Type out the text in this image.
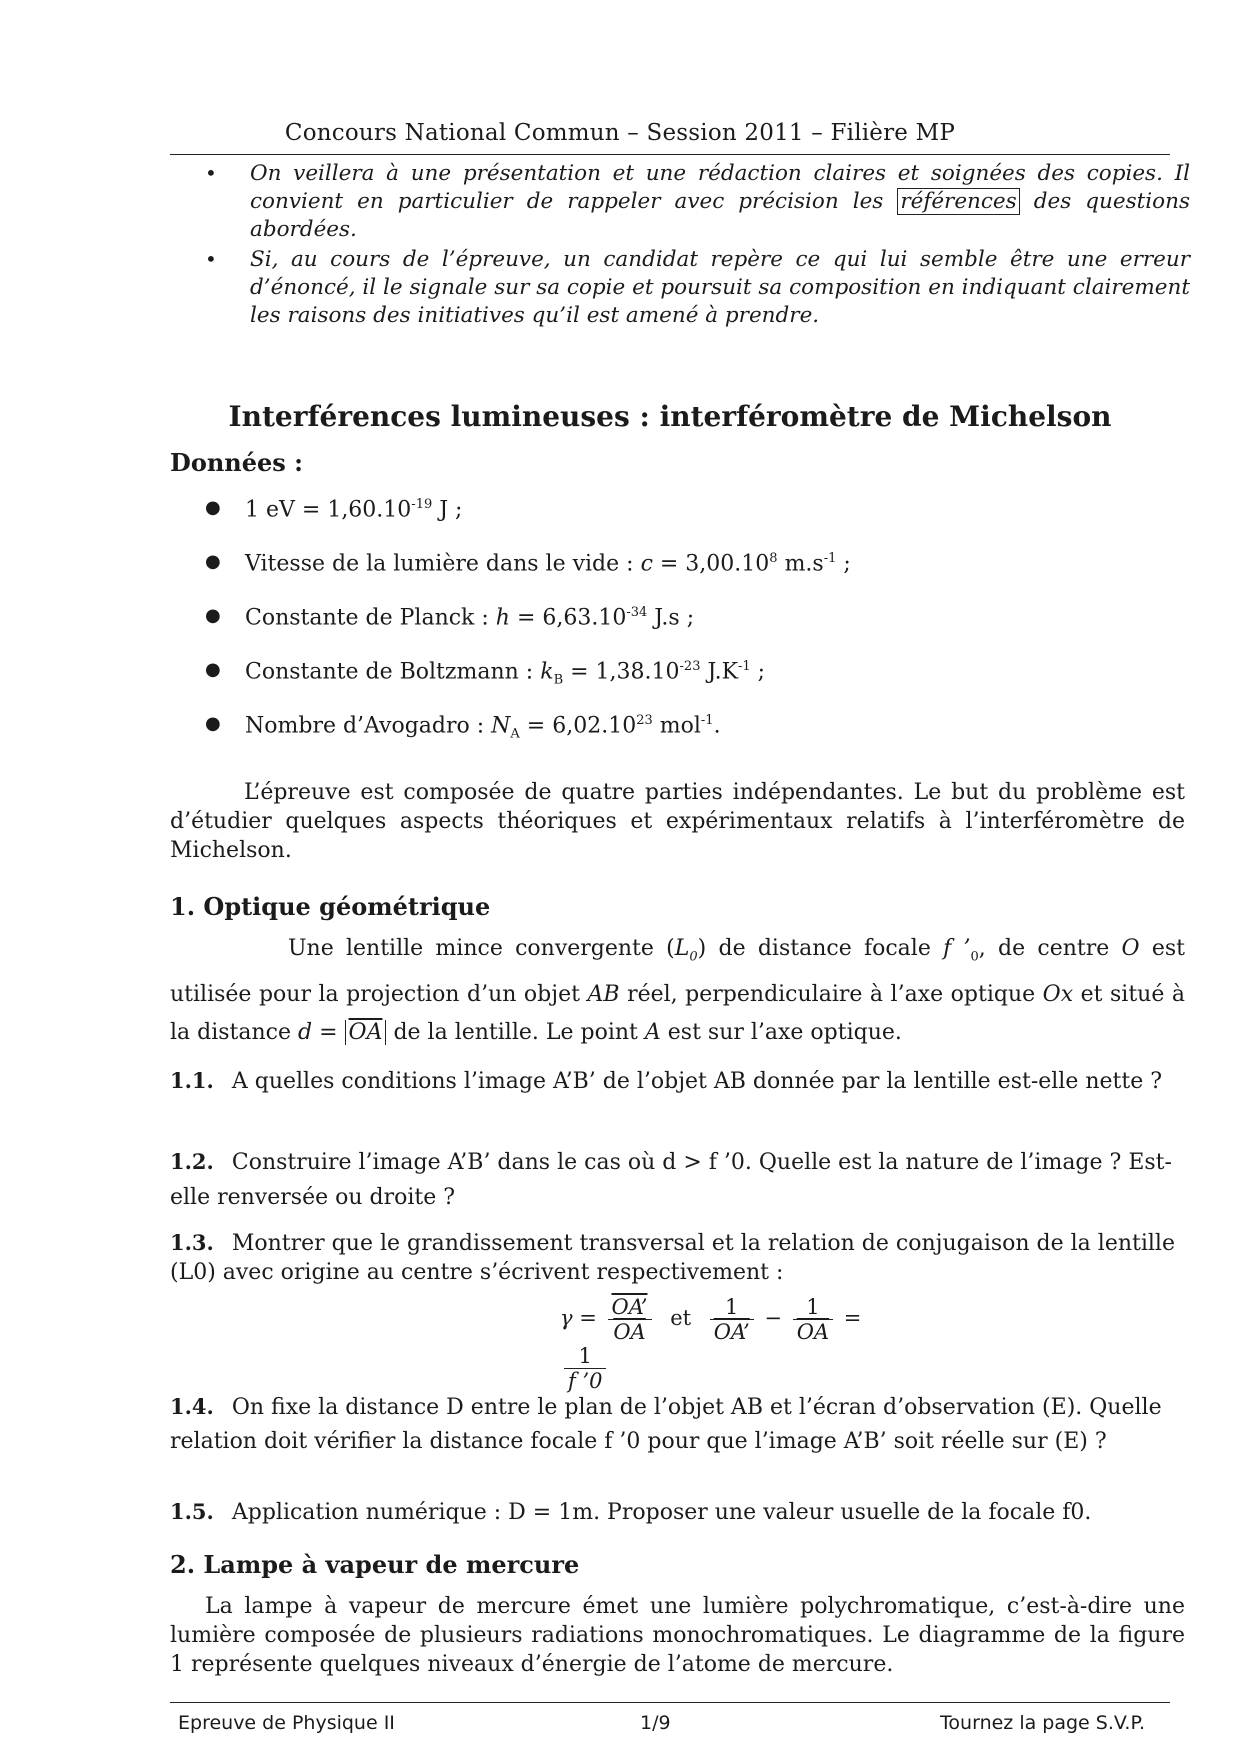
Concours National Commun – Session 2011 – Filière MP
• On veillera à une présentation et une rédaction claires et soignées des copies. Il convient en particulier de rappeler avec précision les références des questions abordées.
• Si, au cours de l’épreuve, un candidat repère ce qui lui semble être une erreur d’énoncé, il le signale sur sa copie et poursuit sa composition en indiquant clairement les raisons des initiatives qu’il est amené à prendre.
Interférences lumineuses : interféromètre de Michelson
Données :
● 1 eV = $1,60.10^{-19}$ J ;
● Vitesse de la lumière dans le vide : $c = 3,00.10^8$ $m.s^{-1}$ ;
● Constante de Planck : $h = 6,63.10^{-34}$ J.s ;
● Constante de Boltzmann : $k_B = 1,38.10^{-23}$ $J.K^{-1}$ ;
● Nombre d’Avogadro : $N_A = 6,02.10^{23}$ mol$^{-1}$.
L’épreuve est composée de quatre parties indépendantes. Le but du problème est d’étudier quelques aspects théoriques et expérimentaux relatifs à l’interféromètre de Michelson.
1. Optique géométrique
Une lentille mince convergente $(L_0)$ de distance focale f $’_0$, de centre O est utilisée pour la projection d’un objet AB réel, perpendiculaire à l’axe optique Ox et situé à la distance $d = \overline{OA}$ de la lentille. Le point A est sur l’axe optique.
1.1. A quelles conditions l’image A’B’ de l’objet AB donnée par la lentille est-elle nette ?
1.2. Construire l’image A’B’ dans le cas où d > f ’0. Quelle est la nature de l’image ? Est-elle renversée ou droite ?
1.3. Montrer que le grandissement transversal et la relation de conjugaison de la lentille (L0) avec origine au centre s’écrivent respectivement :
$\gamma = \frac{OA’}{OA}$ et $\frac{1}{OA’} - \frac{1}{OA}$ =
$\frac{1}{f ’0}$
1.4. On fixe la distance D entre le plan de l’objet AB et l’écran d’observation (E). Quelle relation doit vérifier la distance focale f ’0 pour que l’image A’B’ soit réelle sur (E) ?
1.5. Application numérique : D = 1m. Proposer une valeur usuelle de la focale f0.
2. Lampe à vapeur de mercure
La lampe à vapeur de mercure émet une lumière polychromatique, c’est-à-dire une lumière composée de plusieurs radiations monochromatiques. Le diagramme de la figure 1 représente quelques niveaux d’énergie de l’atome de mercure.
Epreuve de Physique II	1/9	Tournez la page S.V.P.
